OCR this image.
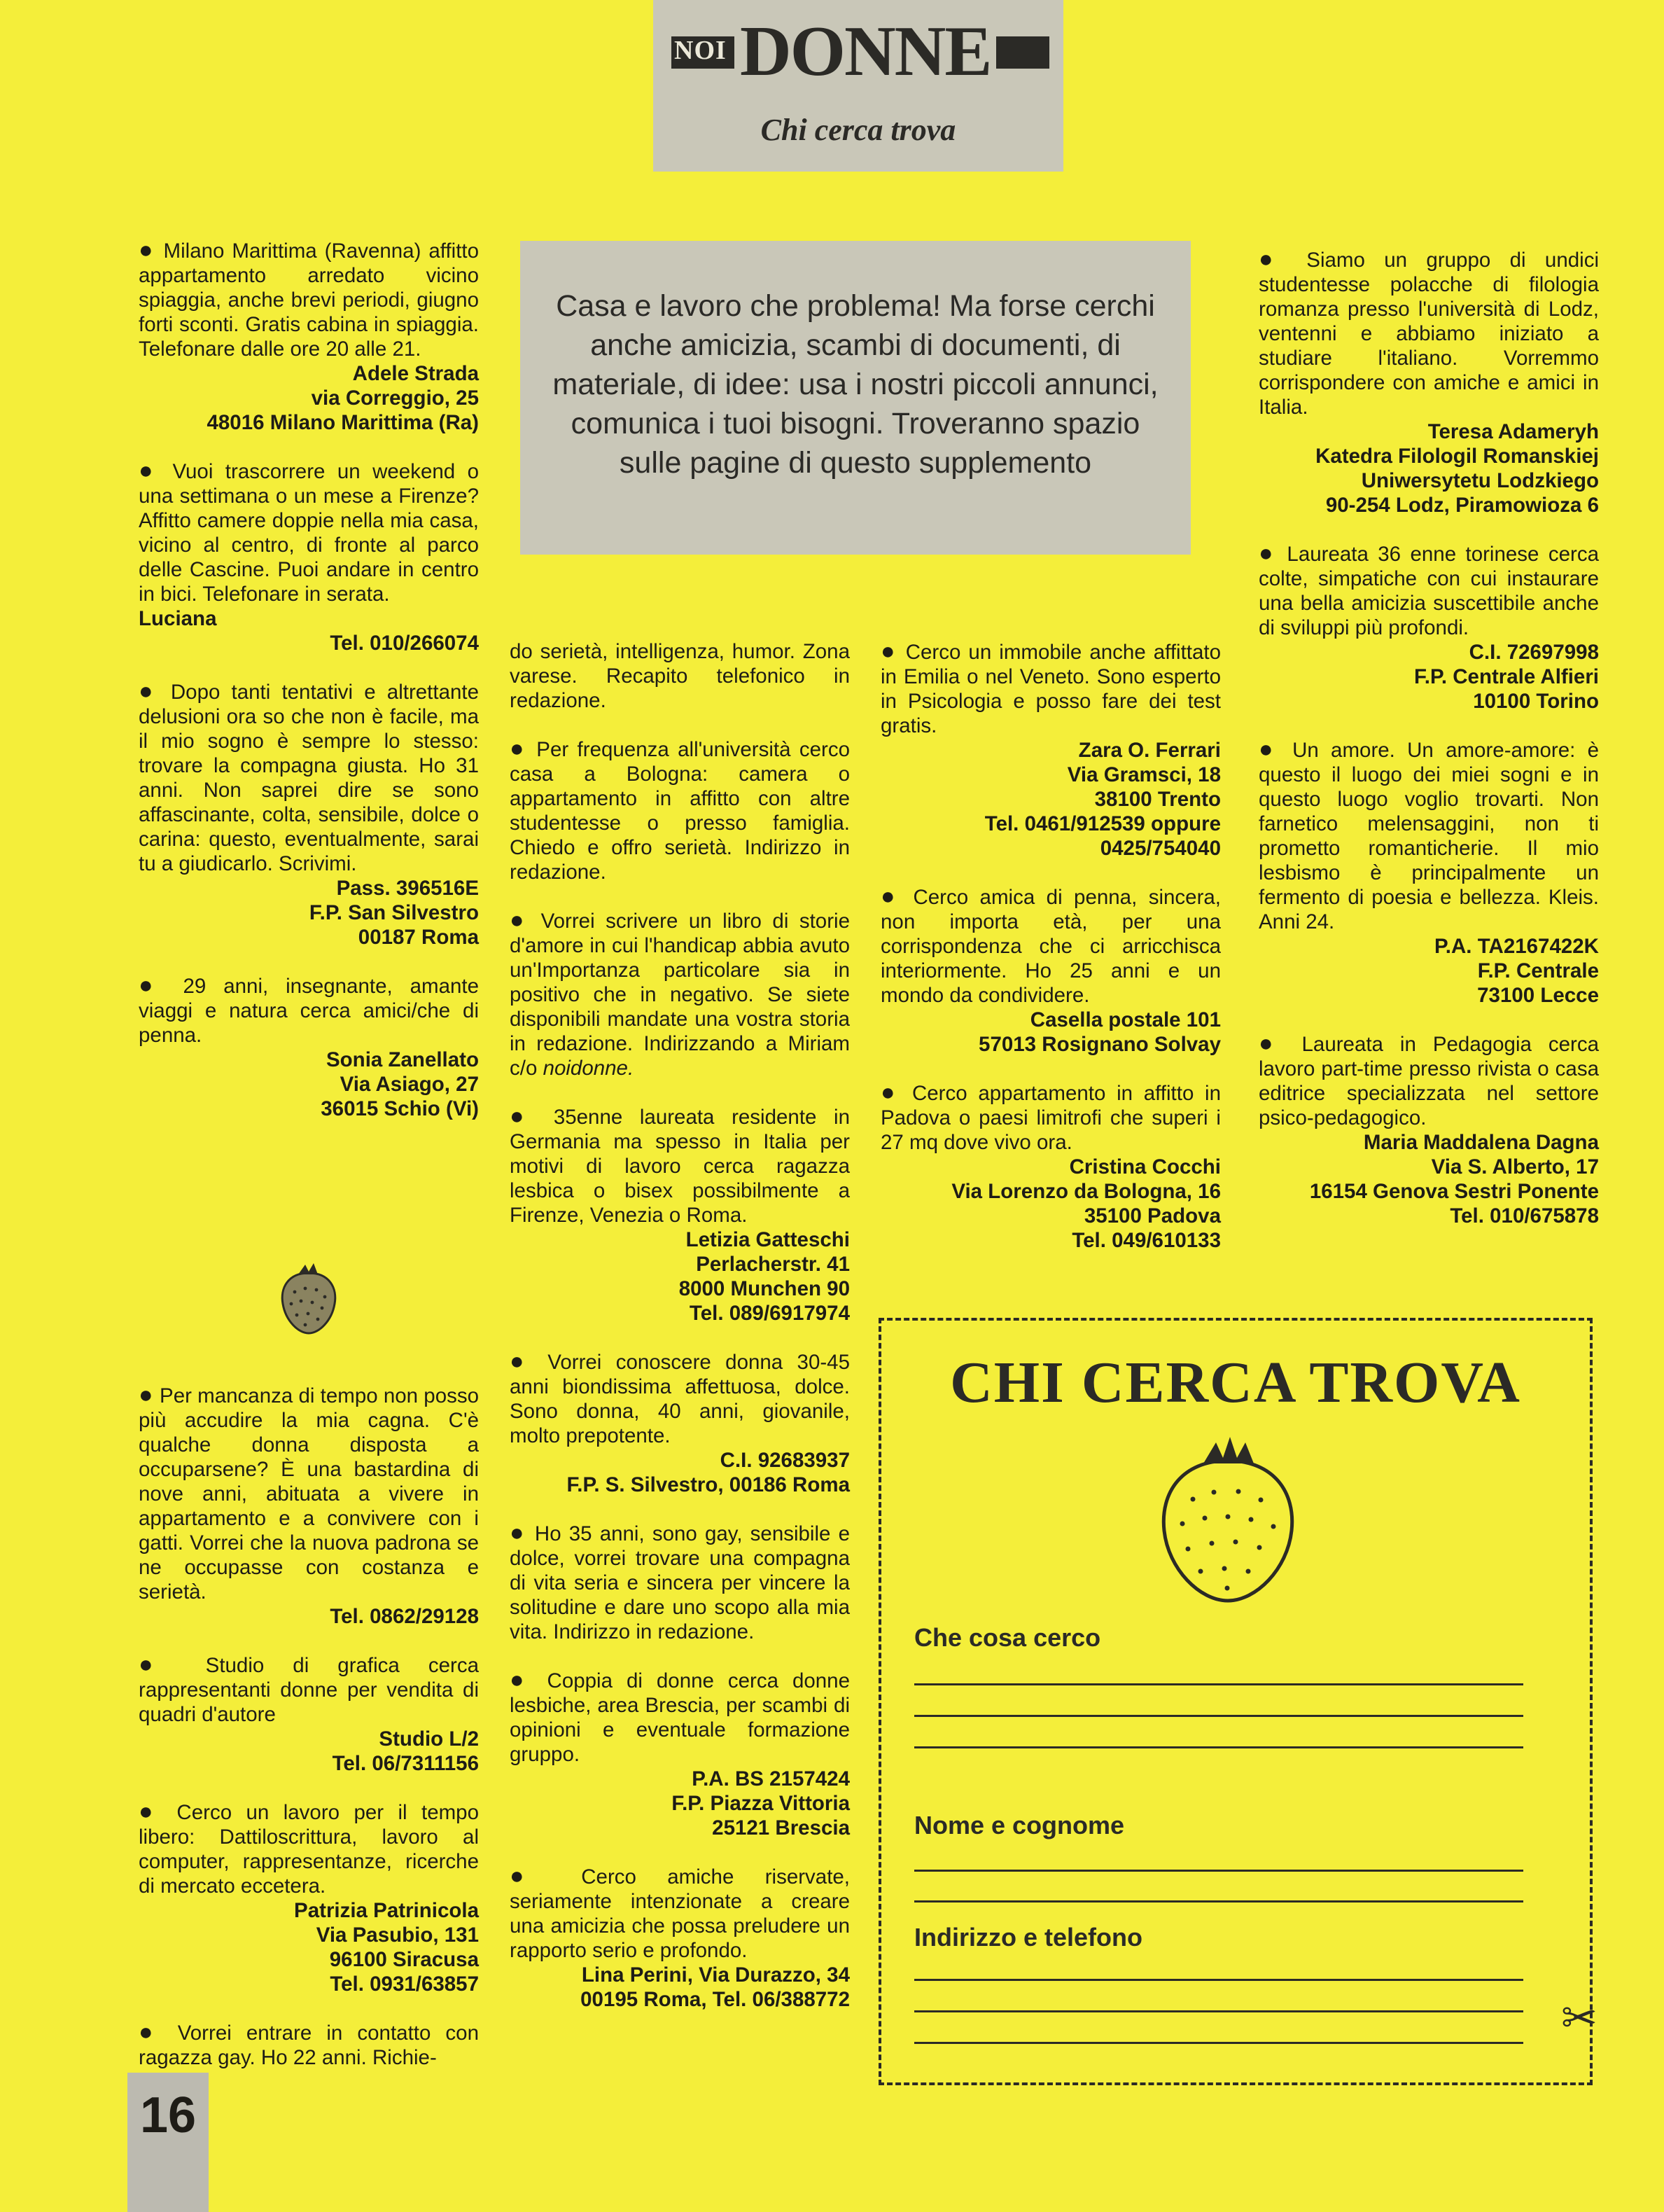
NOI DONNE
Chi cerca trova
Casa e lavoro che problema! Ma forse cerchi anche amicizia, scambi di documenti, di materiale, di idee: usa i nostri piccoli annunci, comunica i tuoi bisogni. Troveranno spazio sulle pagine di questo supplemento

● Milano Marittima (Ravenna) affitto appartamento arredato vicino spiaggia, anche brevi periodi, giugno forti sconti. Gratis cabina in spiaggia. Telefonare dalle ore 20 alle 21.

Adele Strada
via Correggio, 25
48016 Milano Marittima (Ra)

● Vuoi trascorrere un weekend o una settimana o un mese a Firenze? Affitto camere doppie nella mia casa, vicino al centro, di fronte al parco delle Cascine. Puoi andare in centro in bici. Telefonare in serata.

Luciana
Tel. 010/266074

● Dopo tanti tentativi e altrettante delusioni ora so che non è facile, ma il mio sogno è sempre lo stesso: trovare la compagna giusta. Ho 31 anni. Non saprei dire se sono affascinante, colta, sensibile, dolce o carina: questo, eventualmente, sarai tu a giudicarlo. Scrivimi.

Pass. 396516E
F.P. San Silvestro
00187 Roma

● 29 anni, insegnante, amante viaggi e natura cerca amici/che di penna.

Sonia Zanellato
Via Asiago, 27
36015 Schio (Vi)

● Per mancanza di tempo non posso più accudire la mia cagna. C'è qualche donna disposta a occuparsene? È una bastardina di nove anni, abituata a vivere in appartamento e a convivere con i gatti. Vorrei che la nuova padrona se ne occupasse con costanza e serietà.

Tel. 0862/29128

● Studio di grafica cerca rappresentanti donne per vendita di quadri d'autore

Studio L/2
Tel. 06/7311156

● Cerco un lavoro per il tempo libero: Dattiloscrittura, lavoro al computer, rappresentanze, ricerche di mercato eccetera.

Patrizia Patrinicola
Via Pasubio, 131
96100 Siracusa
Tel. 0931/63857

● Vorrei entrare in contatto con ragazza gay. Ho 22 anni. Richie-

do serietà, intelligenza, humor. Zona varese. Recapito telefonico in redazione.

● Per frequenza all'università cerco casa a Bologna: camera o appartamento in affitto con altre studentesse o presso famiglia. Chiedo e offro serietà. Indirizzo in redazione.

● Vorrei scrivere un libro di storie d'amore in cui l'handicap abbia avuto un'Importanza particolare sia in positivo che in negativo. Se siete disponibili mandate una vostra storia in redazione. Indirizzando a Miriam c/o noidonne.

● 35enne laureata residente in Germania ma spesso in Italia per motivi di lavoro cerca ragazza lesbica o bisex possibilmente a Firenze, Venezia o Roma.

Letizia Gatteschi
Perlacherstr. 41
8000 Munchen 90
Tel. 089/6917974

● Vorrei conoscere donna 30-45 anni biondissima affettuosa, dolce. Sono donna, 40 anni, giovanile, molto prepotente.

C.I. 92683937
F.P. S. Silvestro, 00186 Roma

● Ho 35 anni, sono gay, sensibile e dolce, vorrei trovare una compagna di vita seria e sincera per vincere la solitudine e dare uno scopo alla mia vita. Indirizzo in redazione.

● Coppia di donne cerca donne lesbiche, area Brescia, per scambi di opinioni e eventuale formazione gruppo.

P.A. BS 2157424
F.P. Piazza Vittoria
25121 Brescia

● Cerco amiche riservate, seriamente intenzionate a creare una amicizia che possa preludere un rapporto serio e profondo.

Lina Perini, Via Durazzo, 34
00195 Roma, Tel. 06/388772

● Cerco un immobile anche affittato in Emilia o nel Veneto. Sono esperto in Psicologia e posso fare dei test gratis.

Zara O. Ferrari
Via Gramsci, 18
38100 Trento
Tel. 0461/912539 oppure
0425/754040

● Cerco amica di penna, sincera, non importa età, per una corrispondenza che ci arricchisca interiormente. Ho 25 anni e un mondo da condividere.

Casella postale 101
57013 Rosignano Solvay

● Cerco appartamento in affitto in Padova o paesi limitrofi che superi i 27 mq dove vivo ora.

Cristina Cocchi
Via Lorenzo da Bologna, 16
35100 Padova
Tel. 049/610133

● Siamo un gruppo di undici studentesse polacche di filologia romanza presso l'università di Lodz, ventenni e abbiamo iniziato a studiare l'italiano. Vorremmo corrispondere con amiche e amici in Italia.

Teresa Adameryh
Katedra Filologil Romanskiej
Uniwersytetu Lodzkiego
90-254 Lodz, Piramowioza 6

● Laureata 36 enne torinese cerca colte, simpatiche con cui instaurare una bella amicizia suscettibile anche di sviluppi più profondi.

C.I. 72697998
F.P. Centrale Alfieri
10100 Torino

● Un amore. Un amore-amore: è questo il luogo dei miei sogni e in questo luogo voglio trovarti. Non farnetico melensaggini, non ti prometto romanticherie. Il mio lesbismo è principalmente un fermento di poesia e bellezza. Kleis. Anni 24.

P.A. TA2167422K
F.P. Centrale
73100 Lecce

● Laureata in Pedagogia cerca lavoro part-time presso rivista o casa editrice specializzata nel settore psico-pedagogico.

Maria Maddalena Dagna
Via S. Alberto, 17
16154 Genova Sestri Ponente
Tel. 010/675878
CHI CERCA TROVA
Che cosa cerco
Nome e cognome
Indirizzo e telefono
✂
16
